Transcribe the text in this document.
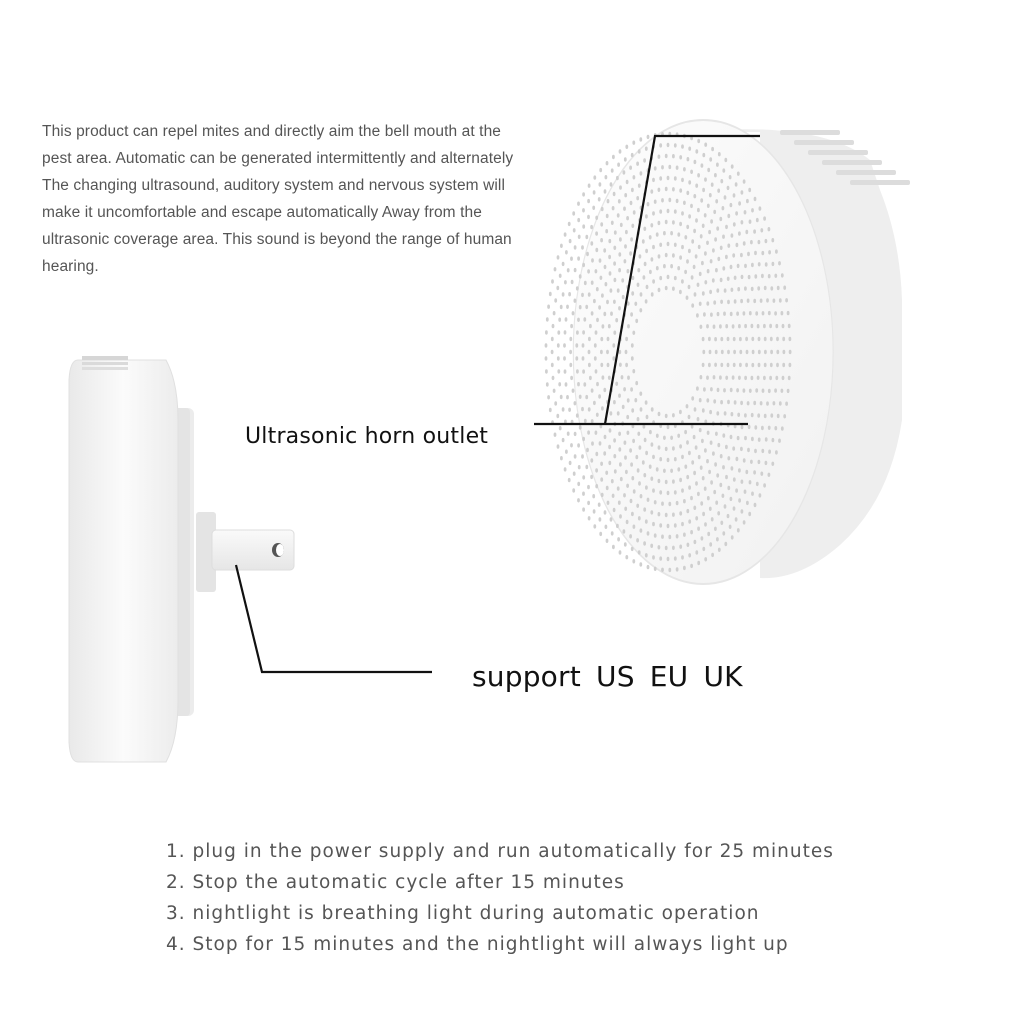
This product can repel mites and directly aim the bell mouth at the pest area. Automatic can be generated intermittently and alternately The changing ultrasound, auditory system and nervous system will make it uncomfortable and escape automatically Away from the ultrasonic coverage area. This sound is beyond the range of human hearing.

Ultrasonic horn outlet
support US EU UK
1. plug in the power supply and run automatically for 25 minutes
2. Stop the automatic cycle after 15 minutes
3. nightlight is breathing light during automatic operation
4. Stop for 15 minutes and the nightlight will always light up
